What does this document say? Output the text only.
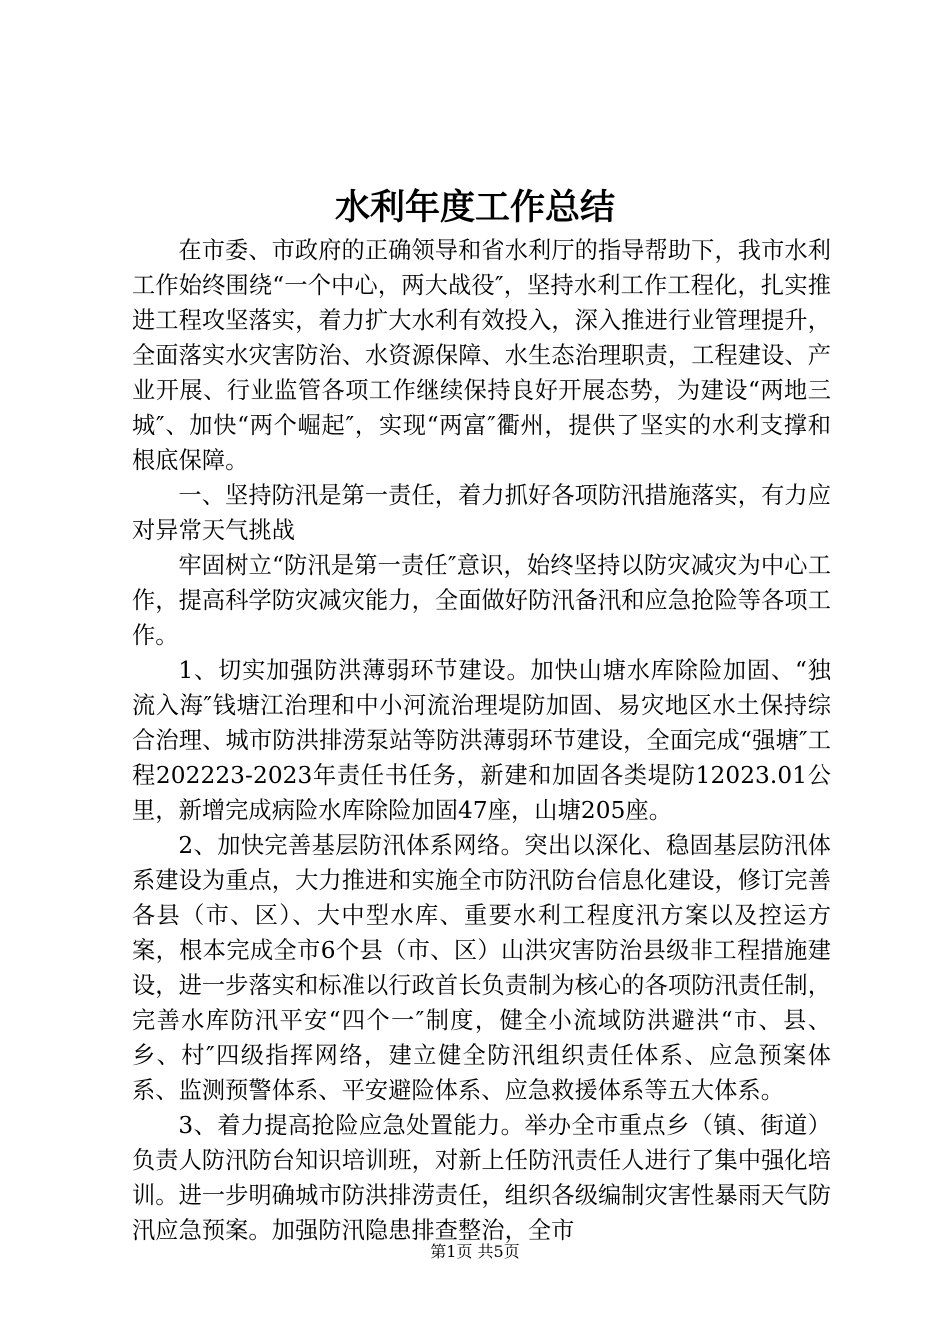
水利年度工作总结

在市委、市政府的正确领导和省水利厅的指导帮助下，我市水利工作始终围绕“一个中心，两大战役″，坚持水利工作工程化，扎实推进工程攻坚落实，着力扩大水利有效投入，深入推进行业管理提升，全面落实水灾害防治、水资源保障、水生态治理职责，工程建设、产业开展、行业监管各项工作继续保持良好开展态势，为建设“两地三城″、加快“两个崛起″，实现“两富″衢州，提供了坚实的水利支撑和根底保障。

一、坚持防汛是第一责任，着力抓好各项防汛措施落实，有力应对异常天气挑战

牢固树立“防汛是第一责任″意识，始终坚持以防灾减灾为中心工作，提高科学防灾减灾能力，全面做好防汛备汛和应急抢险等各项工作。

1、切实加强防洪薄弱环节建设。加快山塘水库除险加固、“独流入海″钱塘江治理和中小河流治理堤防加固、易灾地区水土保持综合治理、城市防洪排涝泵站等防洪薄弱环节建设，全面完成“强塘″工程202223-2023年责任书任务，新建和加固各类堤防12023.01公里，新增完成病险水库除险加固47座，山塘205座。

2、加快完善基层防汛体系网络。突出以深化、稳固基层防汛体系建设为重点，大力推进和实施全市防汛防台信息化建设，修订完善各县（市、区）、大中型水库、重要水利工程度汛方案以及控运方案，根本完成全市6个县（市、区）山洪灾害防治县级非工程措施建设，进一步落实和标准以行政首长负责制为核心的各项防汛责任制，完善水库防汛平安“四个一″制度，健全小流域防洪避洪“市、县、乡、村″四级指挥网络，建立健全防汛组织责任体系、应急预案体系、监测预警体系、平安避险体系、应急救援体系等五大体系。

3、着力提高抢险应急处置能力。举办全市重点乡（镇、街道）负责人防汛防台知识培训班，对新上任防汛责任人进行了集中强化培训。进一步明确城市防洪排涝责任，组织各级编制灾害性暴雨天气防汛应急预案。加强防汛隐患排查整治，全市

第1页 共5页
